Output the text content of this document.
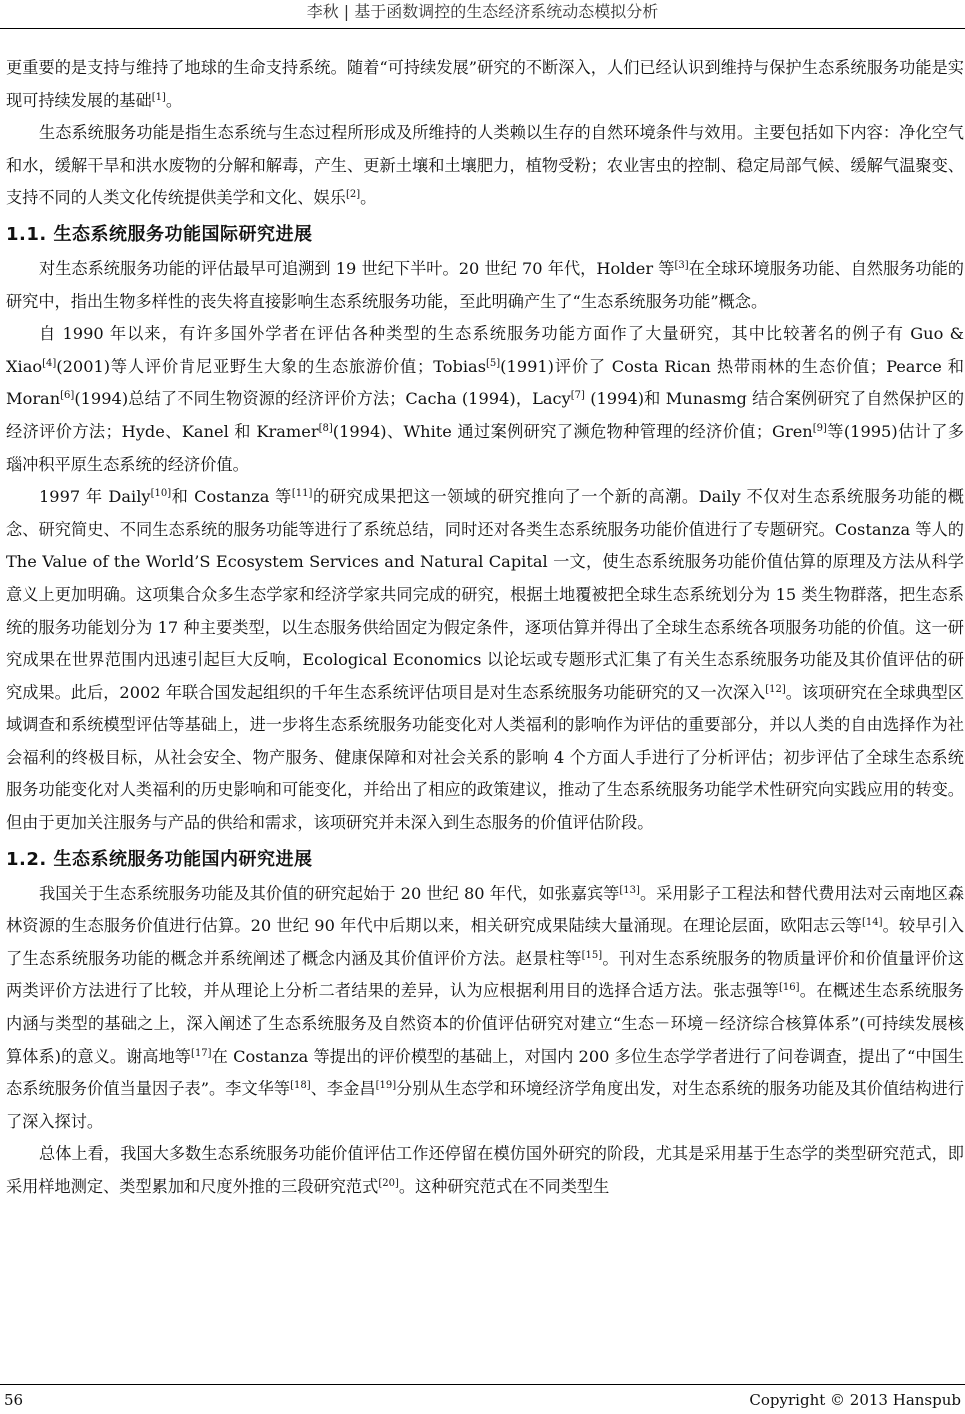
李秋 | 基于函数调控的生态经济系统动态模拟分析

更重要的是支持与维持了地球的生命支持系统。随着“可持续发展”研究的不断深入，人们已经认识到维持与保护生态系统服务功能是实现可持续发展的基础[1]。

生态系统服务功能是指生态系统与生态过程所形成及所维持的人类赖以生存的自然环境条件与效用。主要包括如下内容：净化空气和水，缓解干旱和洪水废物的分解和解毒，产生、更新土壤和土壤肥力，植物受粉；农业害虫的控制、稳定局部气候、缓解气温聚变、支持不同的人类文化传统提供美学和文化、娱乐[2]。

1.1. 生态系统服务功能国际研究进展

对生态系统服务功能的评估最早可追溯到 19 世纪下半叶。20 世纪 70 年代，Holder 等[3]在全球环境服务功能、自然服务功能的研究中，指出生物多样性的丧失将直接影响生态系统服务功能，至此明确产生了“生态系统服务功能”概念。

自 1990 年以来，有许多国外学者在评估各种类型的生态系统服务功能方面作了大量研究，其中比较著名的例子有 Guo & Xiao[4](2001)等人评价肯尼亚野生大象的生态旅游价值；Tobias[5](1991)评价了 Costa Rican 热带雨林的生态价值；Pearce 和 Moran[6](1994)总结了不同生物资源的经济评价方法；Cacha (1994)，Lacy[7] (1994)和 Munasmg 结合案例研究了自然保护区的经济评价方法；Hyde、Kanel 和 Kramer[8](1994)、White 通过案例研究了濒危物种管理的经济价值；Gren[9]等(1995)估计了多瑙冲积平原生态系统的经济价值。

1997 年 Daily[10]和 Costanza 等[11]的研究成果把这一领域的研究推向了一个新的高潮。Daily 不仅对生态系统服务功能的概念、研究简史、不同生态系统的服务功能等进行了系统总结，同时还对各类生态系统服务功能价值进行了专题研究。Costanza 等人的 The Value of the World’S Ecosystem Services and Natural Capital 一文，使生态系统服务功能价值估算的原理及方法从科学意义上更加明确。这项集合众多生态学家和经济学家共同完成的研究，根据土地覆被把全球生态系统划分为 15 类生物群落，把生态系统的服务功能划分为 17 种主要类型，以生态服务供给固定为假定条件，逐项估算并得出了全球生态系统各项服务功能的价值。这一研究成果在世界范围内迅速引起巨大反响，Ecological Economics 以论坛或专题形式汇集了有关生态系统服务功能及其价值评估的研究成果。此后，2002 年联合国发起组织的千年生态系统评估项目是对生态系统服务功能研究的又一次深入[12]。该项研究在全球典型区域调查和系统模型评估等基础上，进一步将生态系统服务功能变化对人类福利的影响作为评估的重要部分，并以人类的自由选择作为社会福利的终极目标，从社会安全、物产服务、健康保障和对社会关系的影响 4 个方面人手进行了分析评估；初步评估了全球生态系统服务功能变化对人类福利的历史影响和可能变化，并给出了相应的政策建议，推动了生态系统服务功能学术性研究向实践应用的转变。但由于更加关注服务与产品的供给和需求，该项研究并未深入到生态服务的价值评估阶段。

1.2. 生态系统服务功能国内研究进展

我国关于生态系统服务功能及其价值的研究起始于 20 世纪 80 年代，如张嘉宾等[13]。采用影子工程法和替代费用法对云南地区森林资源的生态服务价值进行估算。20 世纪 90 年代中后期以来，相关研究成果陆续大量涌现。在理论层面，欧阳志云等[14]。较早引入了生态系统服务功能的概念并系统阐述了概念内涵及其价值评价方法。赵景柱等[15]。刊对生态系统服务的物质量评价和价值量评价这两类评价方法进行了比较，并从理论上分析二者结果的差异，认为应根据利用目的选择合适方法。张志强等[16]。在概述生态系统服务内涵与类型的基础之上，深入阐述了生态系统服务及自然资本的价值评估研究对建立“生态－环境－经济综合核算体系”(可持续发展核算体系)的意义。谢高地等[17]在 Costanza 等提出的评价模型的基础上，对国内 200 多位生态学学者进行了问卷调查，提出了“中国生态系统服务价值当量因子表”。李文华等[18]、李金昌[19]分别从生态学和环境经济学角度出发，对生态系统的服务功能及其价值结构进行了深入探讨。

总体上看，我国大多数生态系统服务功能价值评估工作还停留在模仿国外研究的阶段，尤其是采用基于生态学的类型研究范式，即采用样地测定、类型累加和尺度外推的三段研究范式[20]。这种研究范式在不同类型生

56	Copyright © 2013 Hanspub
